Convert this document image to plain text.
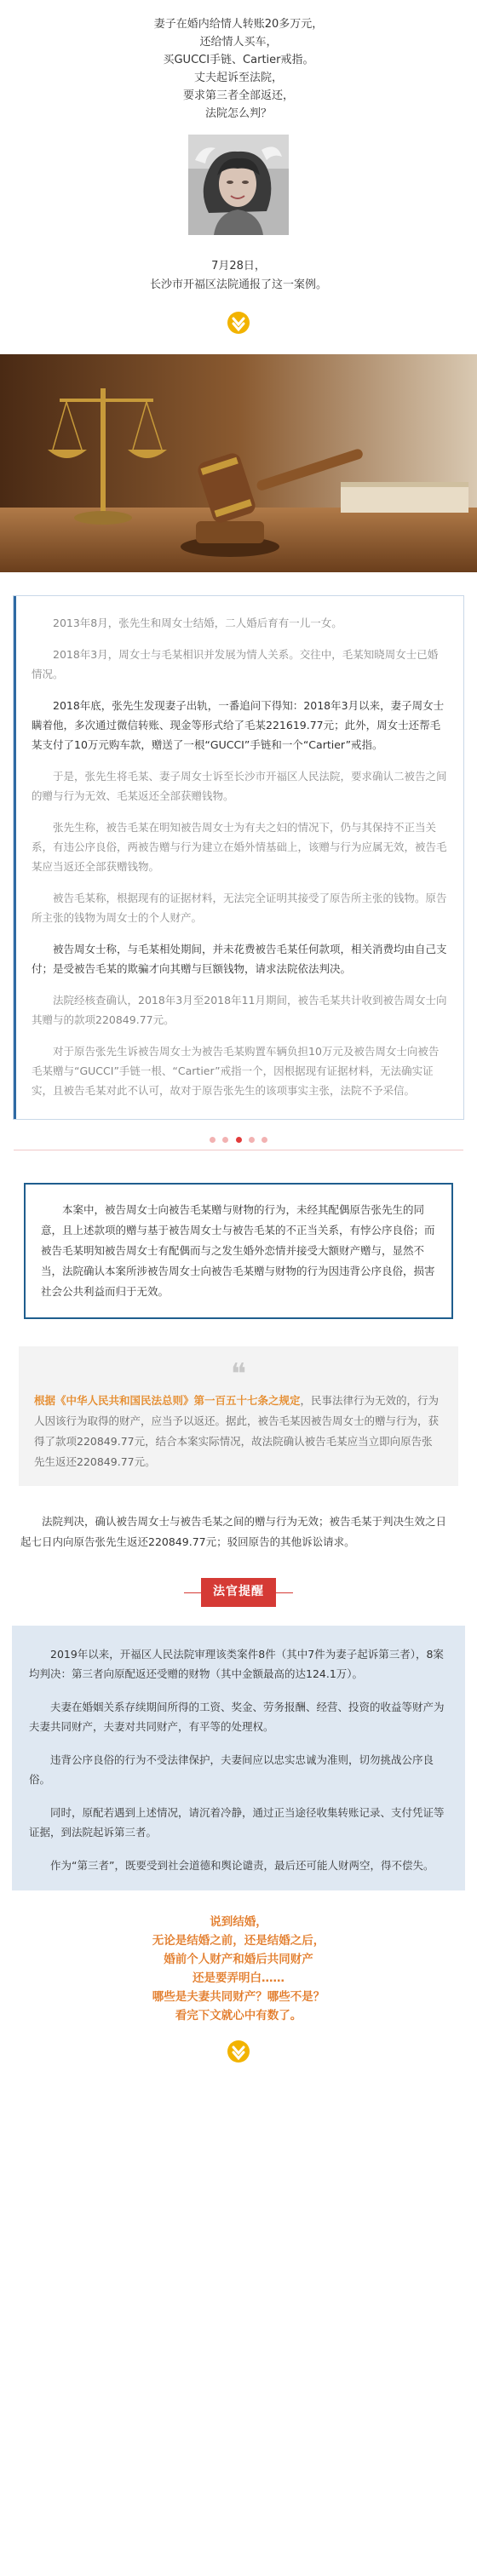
妻子在婚内给情人转账20多万元，
还给情人买车，
买GUCCI手链、Cartier戒指。
丈夫起诉至法院，
要求第三者全部返还，
法院怎么判？
7月28日，
长沙市开福区法院通报了这一案例。

2013年8月，张先生和周女士结婚，二人婚后育有一儿一女。

2018年3月，周女士与毛某相识并发展为情人关系。交往中，毛某知晓周女士已婚情况。

2018年底，张先生发现妻子出轨，一番追问下得知：2018年3月以来，妻子周女士瞒着他，多次通过微信转账、现金等形式给了毛某221619.77元；此外，周女士还帮毛某支付了10万元购车款，赠送了一根“GUCCI”手链和一个“Cartier”戒指。

于是，张先生将毛某、妻子周女士诉至长沙市开福区人民法院，要求确认二被告之间的赠与行为无效、毛某返还全部获赠钱物。

张先生称，被告毛某在明知被告周女士为有夫之妇的情况下，仍与其保持不正当关系，有违公序良俗，两被告赠与行为建立在婚外情基础上，该赠与行为应属无效，被告毛某应当返还全部获赠钱物。

被告毛某称，根据现有的证据材料，无法完全证明其接受了原告所主张的钱物。原告所主张的钱物为周女士的个人财产。

被告周女士称，与毛某相处期间，并未花费被告毛某任何款项，相关消费均由自己支付；是受被告毛某的欺骗才向其赠与巨额钱物，请求法院依法判决。

法院经核查确认，2018年3月至2018年11月期间，被告毛某共计收到被告周女士向其赠与的款项220849.77元。

对于原告张先生诉被告周女士为被告毛某购置车辆负担10万元及被告周女士向被告毛某赠与“GUCCI”手链一根、“Cartier”戒指一个，因根据现有证据材料，无法确实证实，且被告毛某对此不认可，故对于原告张先生的该项事实主张，法院不予采信。

本案中，被告周女士向被告毛某赠与财物的行为，未经其配偶原告张先生的同意，且上述款项的赠与基于被告周女士与被告毛某的不正当关系，有悖公序良俗；而被告毛某明知被告周女士有配偶而与之发生婚外恋情并接受大额财产赠与，显然不当，法院确认本案所涉被告周女士向被告毛某赠与财物的行为因违背公序良俗，损害社会公共利益而归于无效。
❝
根据《中华人民共和国民法总则》第一百五十七条之规定，民事法律行为无效的，行为人因该行为取得的财产，应当予以返还。据此，被告毛某因被告周女士的赠与行为，获得了款项220849.77元，结合本案实际情况，故法院确认被告毛某应当立即向原告张先生返还220849.77元。
法院判决，确认被告周女士与被告毛某之间的赠与行为无效；被告毛某于判决生效之日起七日内向原告张先生返还220849.77元；驳回原告的其他诉讼请求。
法官提醒

2019年以来，开福区人民法院审理该类案件8件（其中7件为妻子起诉第三者），8案均判决：第三者向原配返还受赠的财物（其中金额最高的达124.1万）。

夫妻在婚姻关系存续期间所得的工资、奖金、劳务报酬、经营、投资的收益等财产为夫妻共同财产，夫妻对共同财产，有平等的处理权。

违背公序良俗的行为不受法律保护，夫妻间应以忠实忠诚为准则，切勿挑战公序良俗。

同时，原配若遇到上述情况，请沉着冷静，通过正当途径收集转账记录、支付凭证等证据，到法院起诉第三者。

作为“第三者”，既要受到社会道德和舆论谴责，最后还可能人财两空，得不偿失。

说到结婚，
无论是结婚之前，还是结婚之后，
婚前个人财产和婚后共同财产
还是要弄明白……
哪些是夫妻共同财产？哪些不是？
看完下文就心中有数了。
